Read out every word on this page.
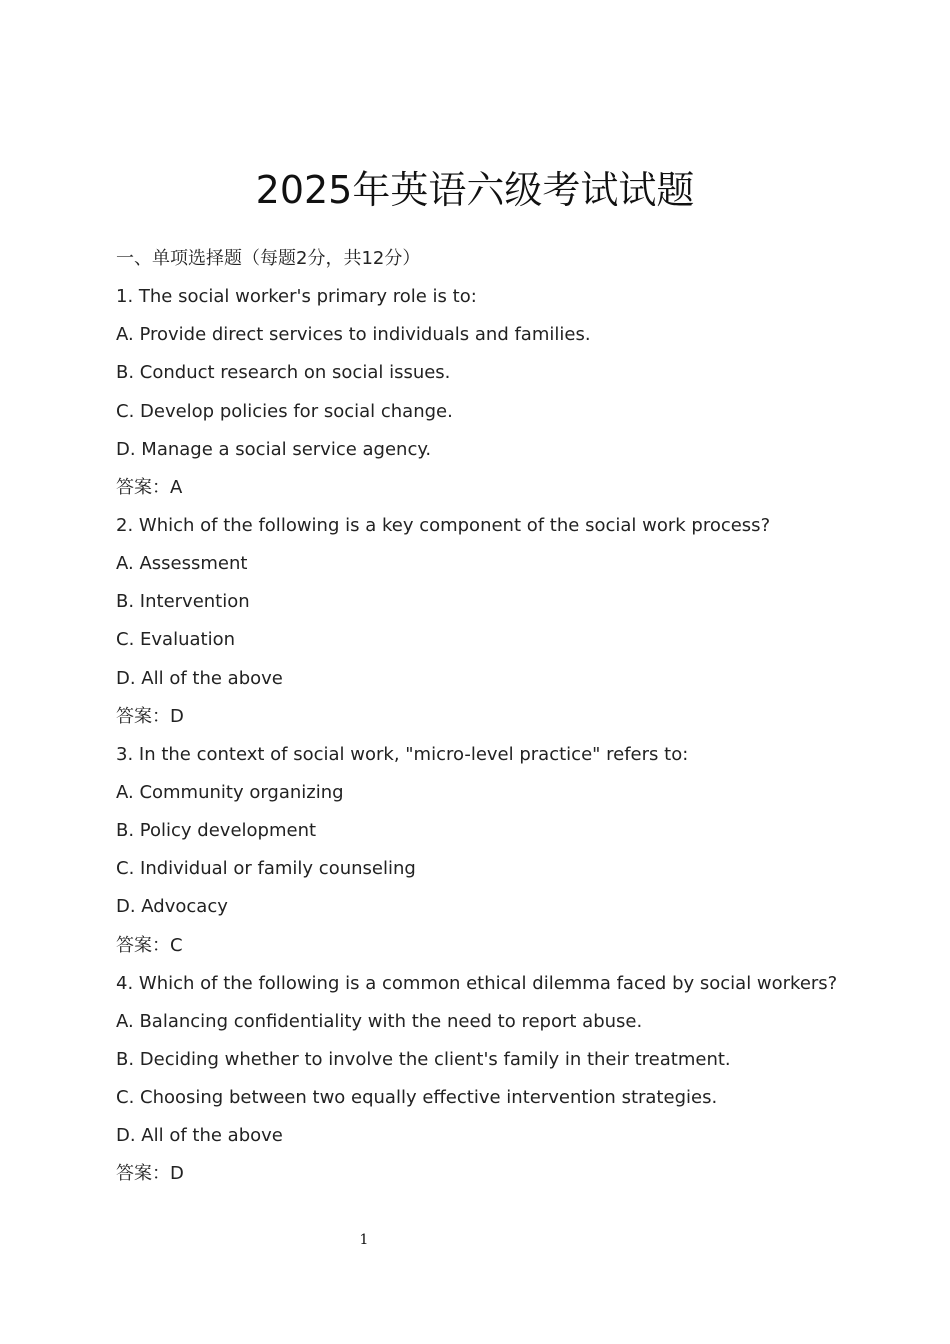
2025年英语六级考试试题
一、单项选择题（每题2分，共12分）
1. The social worker's primary role is to:
A. Provide direct services to individuals and families.
B. Conduct research on social issues.
C. Develop policies for social change.
D. Manage a social service agency.
答案：A
2. Which of the following is a key component of the social work process?
A. Assessment
B. Intervention
C. Evaluation
D. All of the above
答案：D
3. In the context of social work, "micro-level practice" refers to:
A. Community organizing
B. Policy development
C. Individual or family counseling
D. Advocacy
答案：C
4. Which of the following is a common ethical dilemma faced by social workers?
A. Balancing confidentiality with the need to report abuse.
B. Deciding whether to involve the client's family in their treatment.
C. Choosing between two equally effective intervention strategies.
D. All of the above
答案：D
1
